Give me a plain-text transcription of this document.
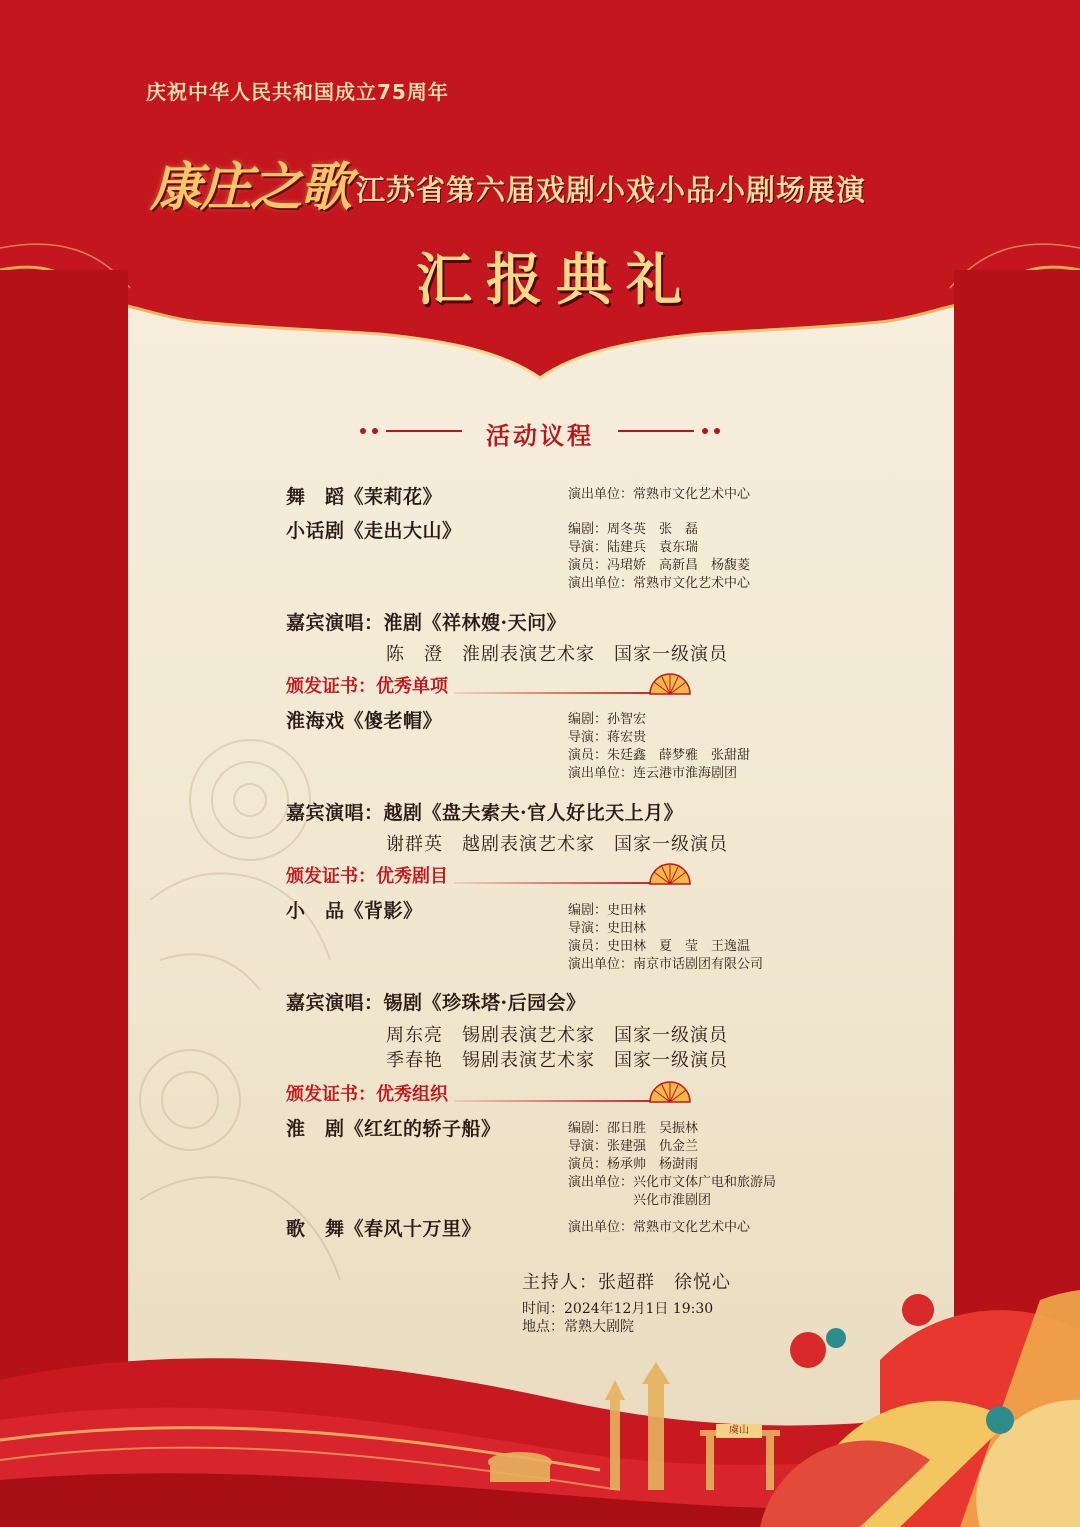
庆祝中华人民共和国成立75周年
康庄之歌 江苏省第六届戏剧小戏小品小剧场展演
汇报典礼
活动议程
舞　蹈《茉莉花》	演出单位：常熟市文化艺术中心
小话剧《走出大山》	编剧：周冬英　张　磊
导演：陆建兵　袁东瑞
演员：冯珺娇　高新昌　杨馥菱
演出单位：常熟市文化艺术中心
嘉宾演唱：淮剧《祥林嫂·天问》
陈　澄　淮剧表演艺术家　国家一级演员
颁发证书：优秀单项
淮海戏《傻老帽》	编剧：孙智宏
导演：蒋宏贵
演员：朱廷鑫　薛梦雅　张甜甜
演出单位：连云港市淮海剧团
嘉宾演唱：越剧《盘夫索夫·官人好比天上月》
谢群英　越剧表演艺术家　国家一级演员
颁发证书：优秀剧目
小　品《背影》	编剧：史田林
导演：史田林
演员：史田林　夏　莹　王逸温
演出单位：南京市话剧团有限公司
嘉宾演唱：锡剧《珍珠塔·后园会》
周东亮　锡剧表演艺术家　国家一级演员
季春艳　锡剧表演艺术家　国家一级演员
颁发证书：优秀组织
淮　剧《红红的轿子船》	编剧：邵日胜　吴振林
导演：张建强　仇金兰
演员：杨承帅　杨澍雨
演出单位：兴化市文体广电和旅游局
　　　　　兴化市淮剧团
歌　舞《春风十万里》	演出单位：常熟市文化艺术中心
主持人：张超群　徐悦心
时间：2024年12月1日 19:30
地点：常熟大剧院
虞山
